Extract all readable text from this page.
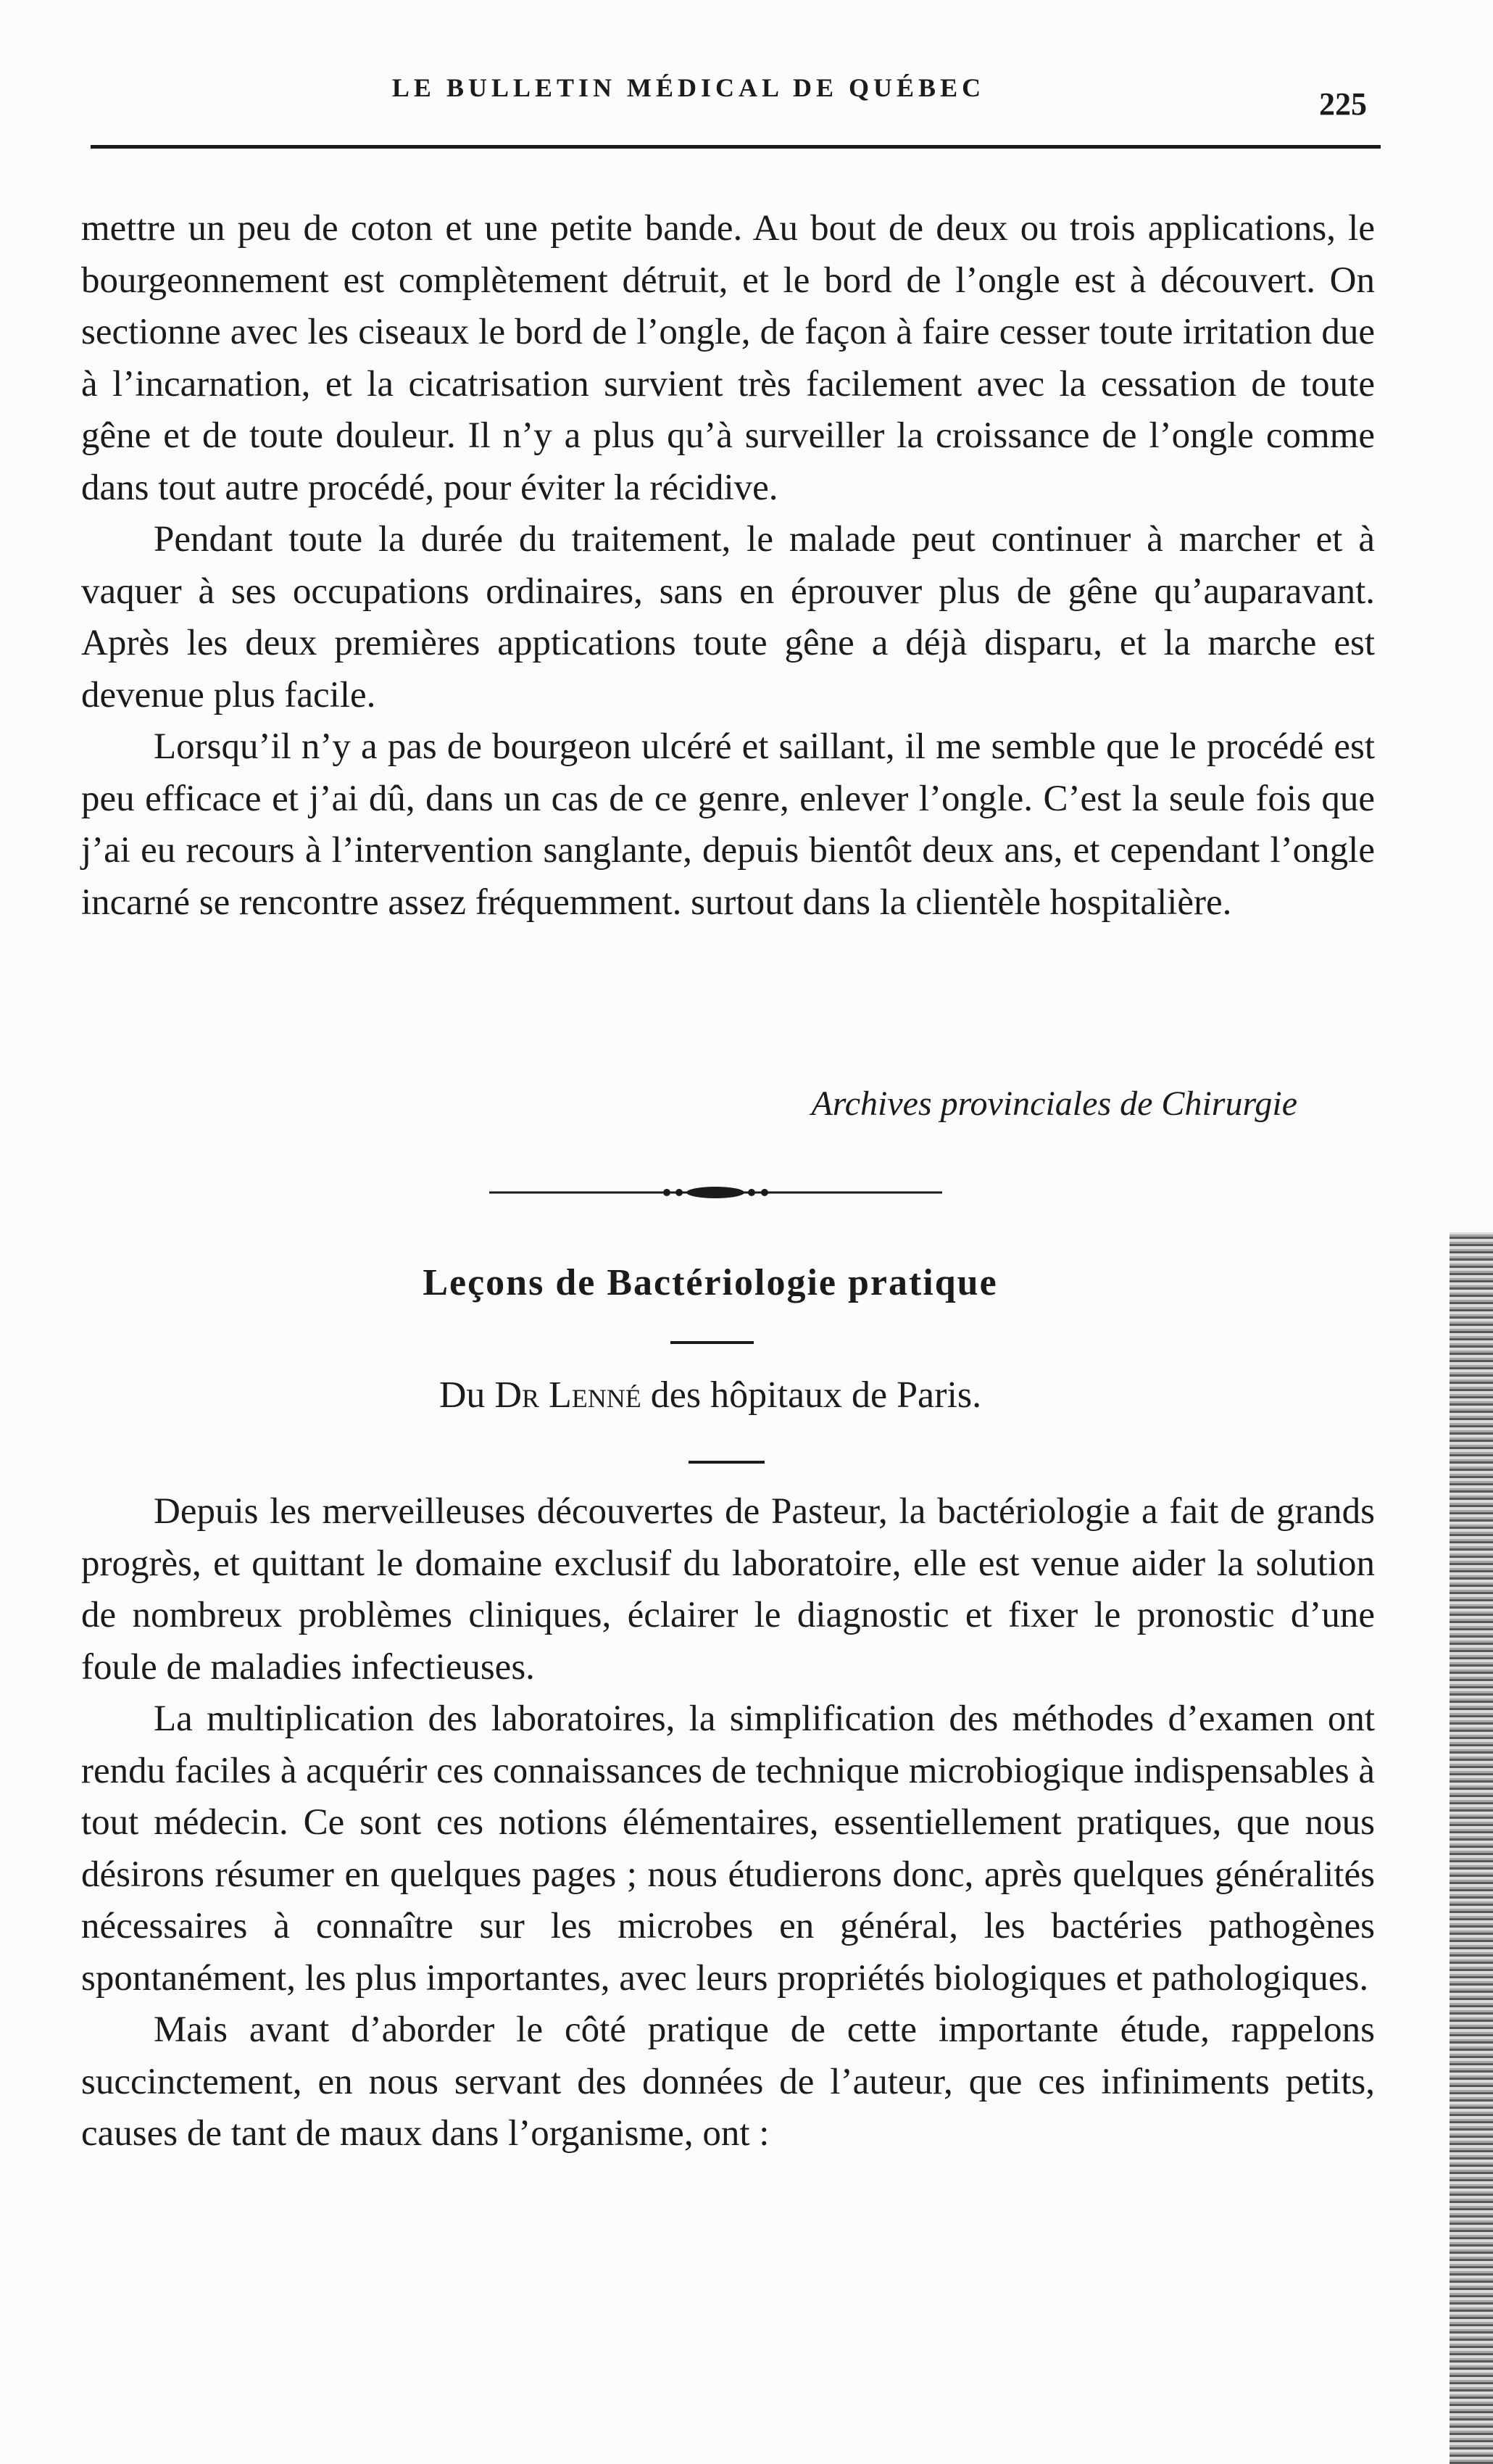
LE BULLETIN MÉDICAL DE QUÉBEC	225

mettre un peu de coton et une petite bande. Au bout de deux ou trois applications, le bourgeonnement est complètement détruit, et le bord de l’ongle est à découvert. On sectionne avec les ciseaux le bord de l’ongle, de façon à faire cesser toute irritation due à l’incarnation, et la cicatrisation survient très facilement avec la cessation de toute gêne et de toute douleur. Il n’y a plus qu’à surveiller la croissance de l’ongle comme dans tout autre procédé, pour éviter la récidive.

Pendant toute la durée du traitement, le malade peut continuer à marcher et à vaquer à ses occupations ordinaires, sans en éprouver plus de gêne qu’auparavant. Après les deux premières apptications toute gêne a déjà disparu, et la marche est devenue plus facile.

Lorsqu’il n’y a pas de bourgeon ulcéré et saillant, il me semble que le procédé est peu efficace et j’ai dû, dans un cas de ce genre, enlever l’ongle. C’est la seule fois que j’ai eu recours à l’intervention sanglante, depuis bientôt deux ans, et cependant l’ongle incarné se rencontre assez fréquemment. surtout dans la clientèle hospitalière.

Archives provinciales de Chirurgie
Leçons de Bactériologie pratique
Du Dr Lenné des hôpitaux de Paris.

Depuis les merveilleuses découvertes de Pasteur, la bactériologie a fait de grands progrès, et quittant le domaine exclusif du laboratoire, elle est venue aider la solution de nombreux problèmes cliniques, éclairer le diagnostic et fixer le pronostic d’une foule de maladies infectieuses.

La multiplication des laboratoires, la simplification des méthodes d’examen ont rendu faciles à acquérir ces connaissances de technique microbiogique indispensables à tout médecin. Ce sont ces notions élémentaires, essentiellement pratiques, que nous désirons résumer en quelques pages ; nous étudierons donc, après quelques généralités nécessaires à connaître sur les microbes en général, les bactéries pathogènes spontanément, les plus importantes, avec leurs propriétés biologiques et pathologiques.

Mais avant d’aborder le côté pratique de cette importante étude, rappelons succinctement, en nous servant des données de l’auteur, que ces infiniments petits, causes de tant de maux dans l’organisme, ont :
